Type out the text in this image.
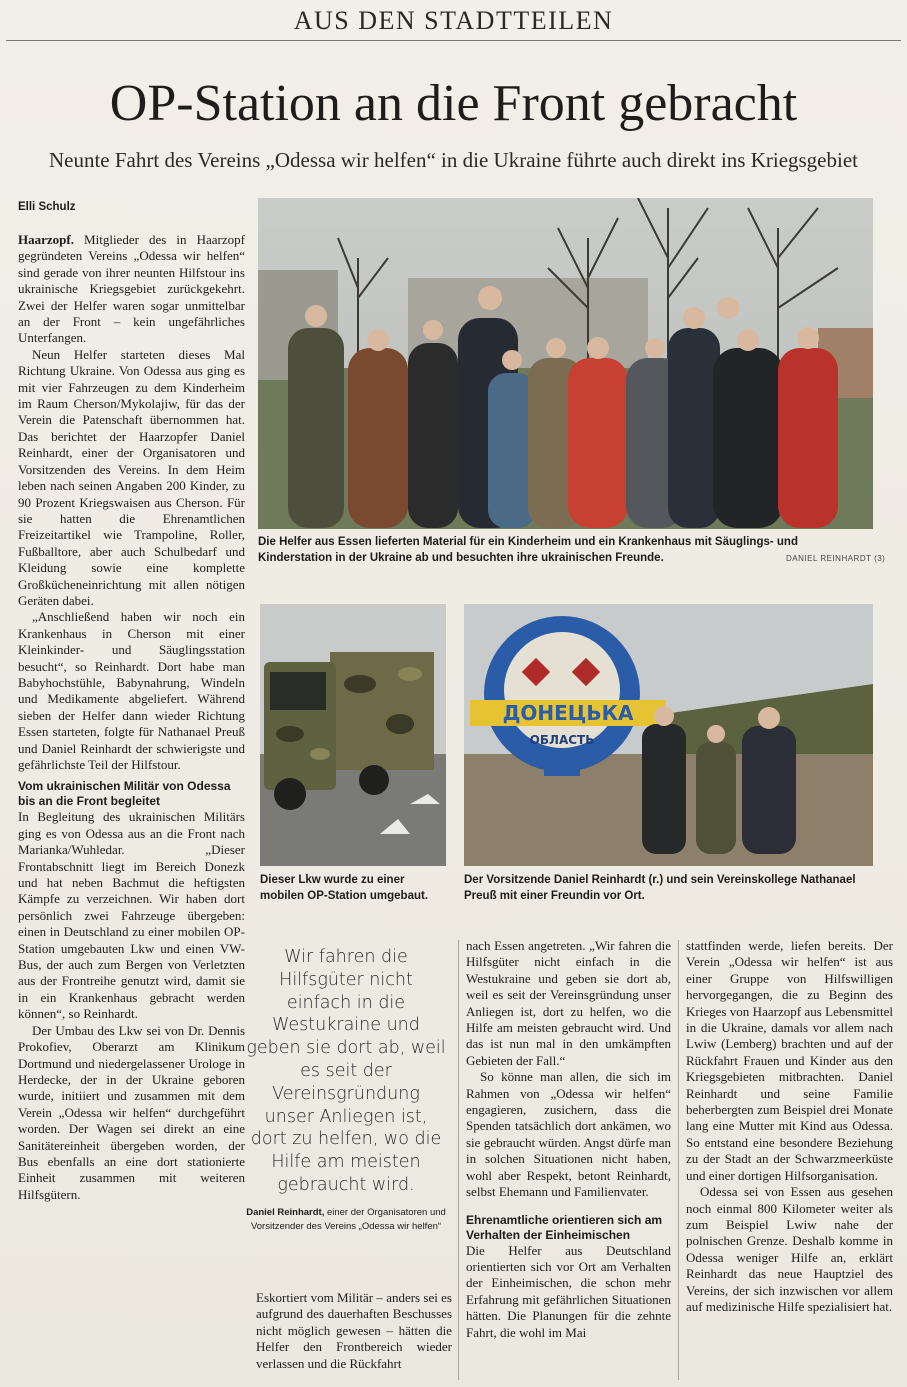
AUS DEN STADTTEILEN
OP-Station an die Front gebracht
Neunte Fahrt des Vereins „Odessa wir helfen“ in die Ukraine führte auch direkt ins Kriegsgebiet
Elli Schulz

Haarzopf. Mitglieder des in Haarzopf gegründeten Vereins „Odessa wir helfen“ sind gerade von ihrer neunten Hilfstour ins ukrainische Kriegsgebiet zurückgekehrt. Zwei der Helfer waren sogar unmittelbar an der Front – kein ungefährliches Unterfangen.

Neun Helfer starteten dieses Mal Richtung Ukraine. Von Odessa aus ging es mit vier Fahrzeugen zu dem Kinderheim im Raum Cherson/Mykolajiw, für das der Verein die Patenschaft übernommen hat. Das berichtet der Haarzopfer Daniel Reinhardt, einer der Organisatoren und Vorsitzenden des Vereins. In dem Heim leben nach seinen Angaben 200 Kinder, zu 90 Prozent Kriegswaisen aus Cherson. Für sie hatten die Ehrenamtlichen Freizeitartikel wie Trampoline, Roller, Fußballtore, aber auch Schulbedarf und Kleidung sowie eine komplette Großkücheneinrichtung mit allen nötigen Geräten dabei.

„Anschließend haben wir noch ein Krankenhaus in Cherson mit einer Kleinkinder- und Säuglingsstation besucht“, so Reinhardt. Dort habe man Babyhochstühle, Babynahrung, Windeln und Medikamente abgeliefert. Während sieben der Helfer dann wieder Richtung Essen starteten, folgte für Nathanael Preuß und Daniel Reinhardt der schwierigste und gefährlichste Teil der Hilfstour.

Vom ukrainischen Militär von Odessa bis an die Front begleitet

In Begleitung des ukrainischen Militärs ging es von Odessa aus an die Front nach Marianka/Wuhledar. „Dieser Frontabschnitt liegt im Bereich Donezk und hat neben Bachmut die heftigsten Kämpfe zu verzeichnen. Wir haben dort persönlich zwei Fahrzeuge übergeben: einen in Deutschland zu einer mobilen OP-Station umgebauten Lkw und einen VW-Bus, der auch zum Bergen von Verletzten aus der Frontreihe genutzt wird, damit sie in ein Krankenhaus gebracht werden können“, so Reinhardt.

Der Umbau des Lkw sei von Dr. Dennis Prokofiev, Oberarzt am Klinikum Dortmund und niedergelassener Urologe in Herdecke, der in der Ukraine geboren wurde, initiiert und zusammen mit dem Verein „Odessa wir helfen“ durchgeführt worden. Der Wagen sei direkt an eine Sanitätereinheit übergeben worden, der Bus ebenfalls an eine dort stationierte Einheit zusammen mit weiteren Hilfsgütern.

Die Helfer aus Essen lieferten Material für ein Kinderheim und ein Krankenhaus mit Säuglings- und Kinderstation in der Ukraine ab und besuchten ihre ukrainischen Freunde.	DANIEL REINHARDT (3)
Dieser Lkw wurde zu einer mobilen OP-Station umgebaut.
ДОНЕЦЬКА
ОБЛАСТЬ
Der Vorsitzende Daniel Reinhardt (r.) und sein Vereinskollege Nathanael Preuß mit einer Freundin vor Ort.
Wir fahren die Hilfsgüter nicht einfach in die Westukraine und geben sie dort ab, weil es seit der Vereinsgründung unser Anliegen ist, dort zu helfen, wo die Hilfe am meisten gebraucht wird.
Daniel Reinhardt, einer der Organisatoren und Vorsitzender des Vereins „Odessa wir helfen“

Eskortiert vom Militär – anders sei es aufgrund des dauerhaften Beschusses nicht möglich gewesen – hätten die Helfer den Frontbereich wieder verlassen und die Rückfahrt

nach Essen angetreten. „Wir fahren die Hilfsgüter nicht einfach in die Westukraine und geben sie dort ab, weil es seit der Vereinsgründung unser Anliegen ist, dort zu helfen, wo die Hilfe am meisten gebraucht wird. Und das ist nun mal in den umkämpften Gebieten der Fall.“

So könne man allen, die sich im Rahmen von „Odessa wir helfen“ engagieren, zusichern, dass die Spenden tatsächlich dort ankämen, wo sie gebraucht würden. Angst dürfe man in solchen Situationen nicht haben, wohl aber Respekt, betont Reinhardt, selbst Ehemann und Familienvater.

Ehrenamtliche orientieren sich am Verhalten der Einheimischen

Die Helfer aus Deutschland orientierten sich vor Ort am Verhalten der Einheimischen, die schon mehr Erfahrung mit gefährlichen Situationen hätten. Die Planungen für die zehnte Fahrt, die wohl im Mai

stattfinden werde, liefen bereits. Der Verein „Odessa wir helfen“ ist aus einer Gruppe von Hilfswilligen hervorgegangen, die zu Beginn des Krieges von Haarzopf aus Lebensmittel in die Ukraine, damals vor allem nach Lwiw (Lemberg) brachten und auf der Rückfahrt Frauen und Kinder aus den Kriegsgebieten mitbrachten. Daniel Reinhardt und seine Familie beherbergten zum Beispiel drei Monate lang eine Mutter mit Kind aus Odessa. So entstand eine besondere Beziehung zu der Stadt an der Schwarzmeerküste und einer dortigen Hilfsorganisation.

Odessa sei von Essen aus gesehen noch einmal 800 Kilometer weiter als zum Beispiel Lwiw nahe der polnischen Grenze. Deshalb komme in Odessa weniger Hilfe an, erklärt Reinhardt das neue Hauptziel des Vereins, der sich inzwischen vor allem auf medizinische Hilfe spezialisiert hat.
